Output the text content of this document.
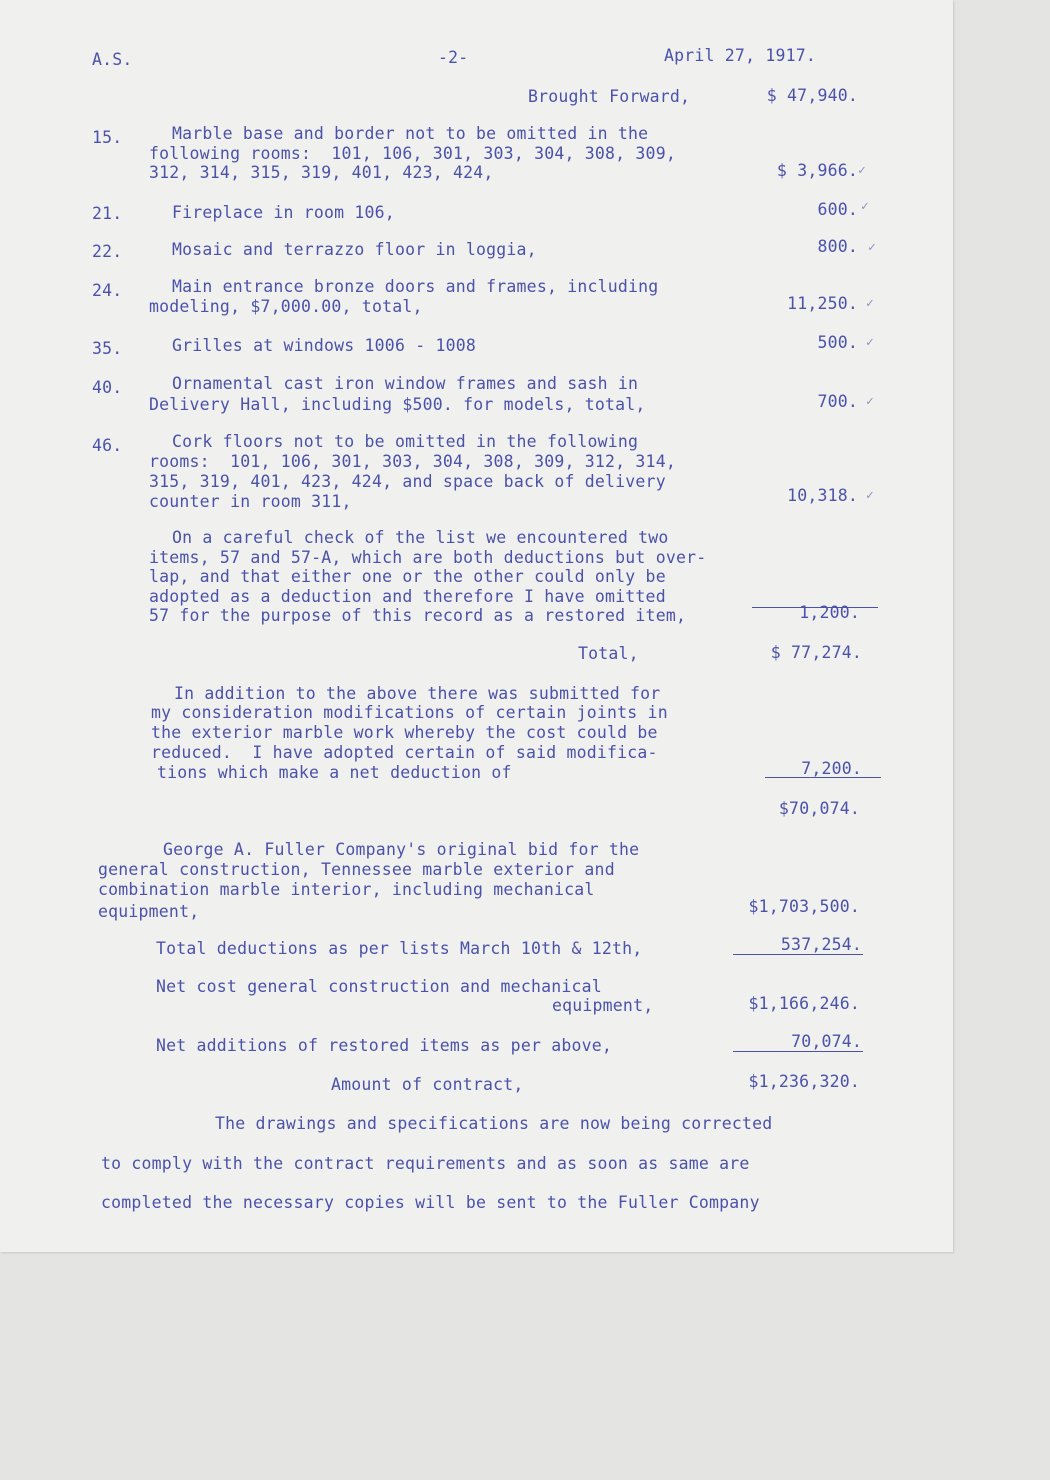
A.S.	-2-	April 27, 1917.
Brought Forward,	$ 47,940.
15.	Marble base and border not to be omitted in the
following rooms:  101, 106, 301, 303, 304, 308, 309,
312, 314, 315, 319, 401, 423, 424,	$ 3,966. ✓
21.	Fireplace in room 106,	600. ✓
22.	Mosaic and terrazzo floor in loggia,	800. ✓
24.	Main entrance bronze doors and frames, including
modeling, $7,000.00, total,	11,250. ✓
35.	Grilles at windows 1006 - 1008	500. ✓
40.	Ornamental cast iron window frames and sash in
Delivery Hall, including $500. for models, total,	700. ✓
46.	Cork floors not to be omitted in the following
rooms:  101, 106, 301, 303, 304, 308, 309, 312, 314,
315, 319, 401, 423, 424, and space back of delivery
counter in room 311,	10,318. ✓
On a careful check of the list we encountered two
items, 57 and 57-A, which are both deductions but over-
lap, and that either one or the other could only be
adopted as a deduction and therefore I have omitted
57 for the purpose of this record as a restored item,	1,200.
Total,	$ 77,274.
In addition to the above there was submitted for
my consideration modifications of certain joints in
the exterior marble work whereby the cost could be
reduced.  I have adopted certain of said modifica-
tions which make a net deduction of	7,200.
$70,074.
George A. Fuller Company's original bid for the
general construction, Tennessee marble exterior and
combination marble interior, including mechanical
equipment,	$1,703,500.
Total deductions as per lists March 10th & 12th,	537,254.
Net cost general construction and mechanical
equipment,	$1,166,246.
Net additions of restored items as per above,	70,074.
Amount of contract,	$1,236,320.
The drawings and specifications are now being corrected
to comply with the contract requirements and as soon as same are
completed the necessary copies will be sent to the Fuller Company
